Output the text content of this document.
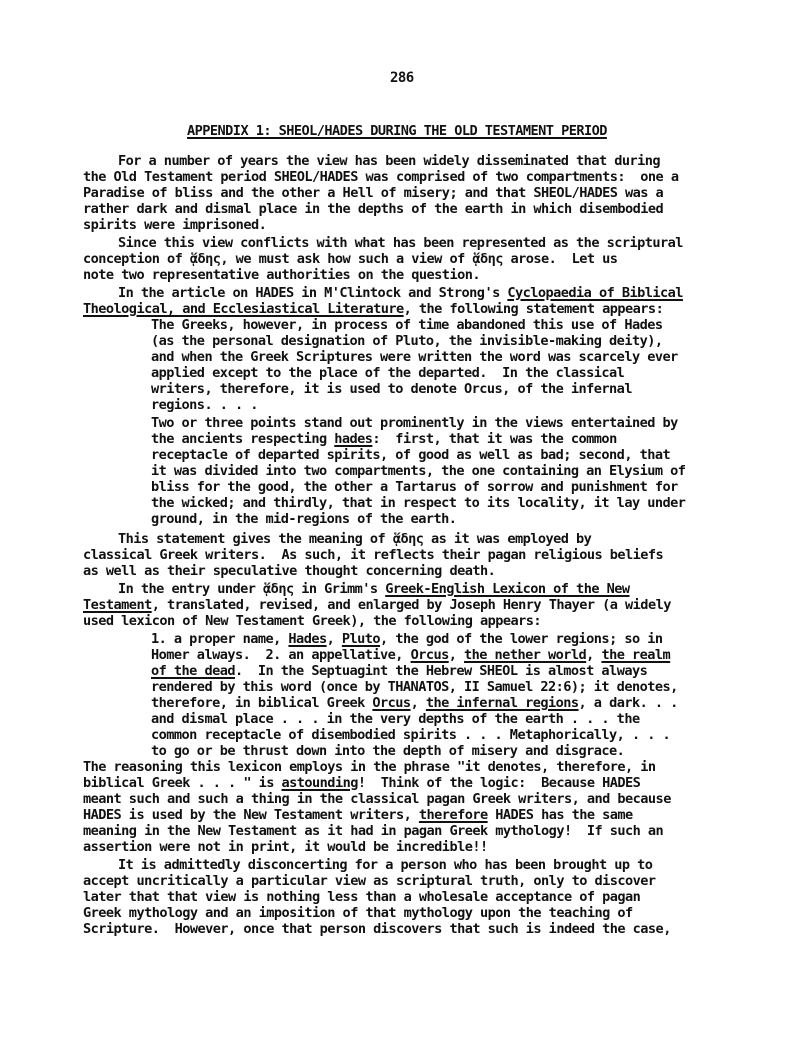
286
APPENDIX 1: SHEOL/HADES DURING THE OLD TESTAMENT PERIOD
For a number of years the view has been widely disseminated that during
the Old Testament period SHEOL/HADES was comprised of two compartments:  one a
Paradise of bliss and the other a Hell of misery; and that SHEOL/HADES was a
rather dark and dismal place in the depths of the earth in which disembodied
spirits were imprisoned.
Since this view conflicts with what has been represented as the scriptural
conception of ᾅδης, we must ask how such a view of ᾅδης arose.  Let us
note two representative authorities on the question.
In the article on HADES in M'Clintock and Strong's Cyclopaedia of Biblical
Theological, and Ecclesiastical Literature, the following statement appears:
The Greeks, however, in process of time abandoned this use of Hades
(as the personal designation of Pluto, the invisible-making deity),
and when the Greek Scriptures were written the word was scarcely ever
applied except to the place of the departed.  In the classical
writers, therefore, it is used to denote Orcus, of the infernal
regions. . . .
Two or three points stand out prominently in the views entertained by
the ancients respecting hades:  first, that it was the common
receptacle of departed spirits, of good as well as bad; second, that
it was divided into two compartments, the one containing an Elysium of
bliss for the good, the other a Tartarus of sorrow and punishment for
the wicked; and thirdly, that in respect to its locality, it lay under
ground, in the mid-regions of the earth.
This statement gives the meaning of ᾅδης as it was employed by
classical Greek writers.  As such, it reflects their pagan religious beliefs
as well as their speculative thought concerning death.
In the entry under ᾅδης in Grimm's Greek-English Lexicon of the New
Testament, translated, revised, and enlarged by Joseph Henry Thayer (a widely
used lexicon of New Testament Greek), the following appears:
1. a proper name, Hades, Pluto, the god of the lower regions; so in
Homer always.  2. an appellative, Orcus, the nether world, the realm
of the dead.  In the Septuagint the Hebrew SHEOL is almost always
rendered by this word (once by THANATOS, II Samuel 22:6); it denotes,
therefore, in biblical Greek Orcus, the infernal regions, a dark. . .
and dismal place . . . in the very depths of the earth . . . the
common receptacle of disembodied spirits . . . Metaphorically, . . .
to go or be thrust down into the depth of misery and disgrace.
The reasoning this lexicon employs in the phrase "it denotes, therefore, in
biblical Greek . . . " is astounding!  Think of the logic:  Because HADES
meant such and such a thing in the classical pagan Greek writers, and because
HADES is used by the New Testament writers, therefore HADES has the same
meaning in the New Testament as it had in pagan Greek mythology!  If such an
assertion were not in print, it would be incredible!!
It is admittedly disconcerting for a person who has been brought up to
accept uncritically a particular view as scriptural truth, only to discover
later that that view is nothing less than a wholesale acceptance of pagan
Greek mythology and an imposition of that mythology upon the teaching of
Scripture.  However, once that person discovers that such is indeed the case,
